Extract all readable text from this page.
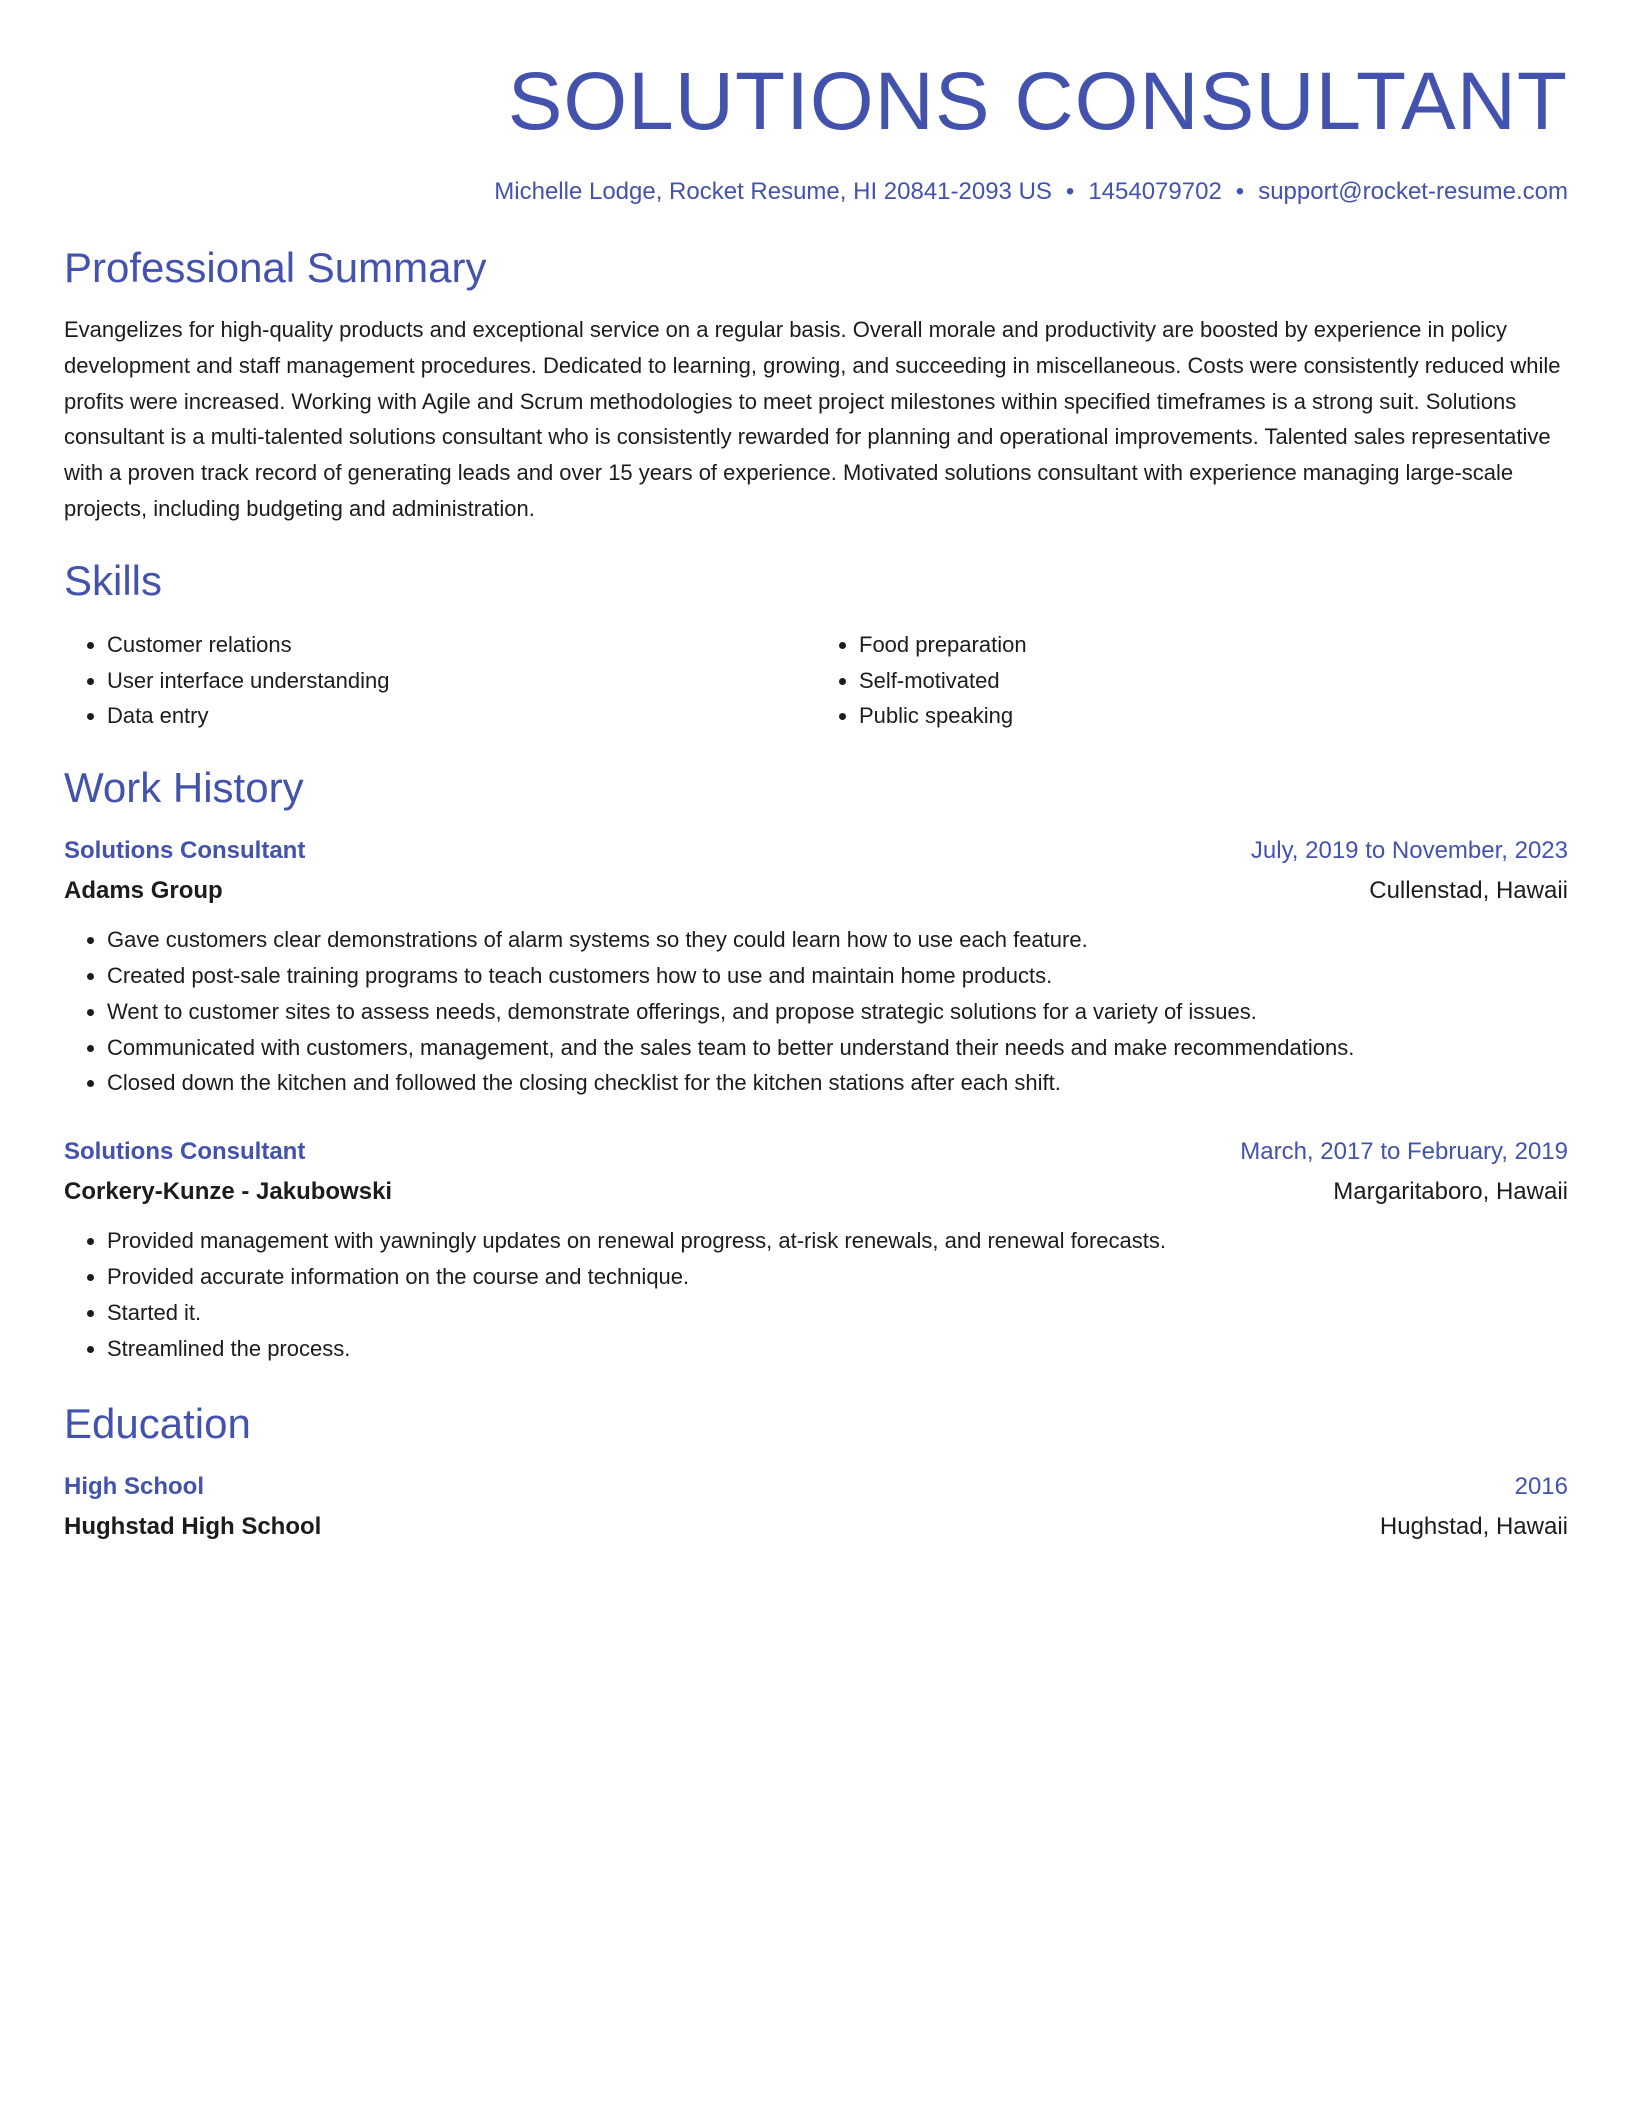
SOLUTIONS CONSULTANT
Michelle Lodge, Rocket Resume, HI 20841-2093 US • 1454079702 • support@rocket-resume.com
Professional Summary

Evangelizes for high-quality products and exceptional service on a regular basis. Overall morale and productivity are boosted by experience in policy development and staff management procedures. Dedicated to learning, growing, and succeeding in miscellaneous. Costs were consistently reduced while profits were increased. Working with Agile and Scrum methodologies to meet project milestones within specified timeframes is a strong suit. Solutions consultant is a multi-talented solutions consultant who is consistently rewarded for planning and operational improvements. Talented sales representative with a proven track record of generating leads and over 15 years of experience. Motivated solutions consultant with experience managing large-scale projects, including budgeting and administration.

Skills
• Customer relations
• User interface understanding
• Data entry
• Food preparation
• Self-motivated
• Public speaking
Work History
Solutions Consultant	July, 2019 to November, 2023
Adams Group	Cullenstad, Hawaii
• Gave customers clear demonstrations of alarm systems so they could learn how to use each feature.
• Created post-sale training programs to teach customers how to use and maintain home products.
• Went to customer sites to assess needs, demonstrate offerings, and propose strategic solutions for a variety of issues.
• Communicated with customers, management, and the sales team to better understand their needs and make recommendations.
• Closed down the kitchen and followed the closing checklist for the kitchen stations after each shift.
Solutions Consultant	March, 2017 to February, 2019
Corkery-Kunze - Jakubowski	Margaritaboro, Hawaii
• Provided management with yawningly updates on renewal progress, at-risk renewals, and renewal forecasts.
• Provided accurate information on the course and technique.
• Started it.
• Streamlined the process.
Education
High School	2016
Hughstad High School	Hughstad, Hawaii
